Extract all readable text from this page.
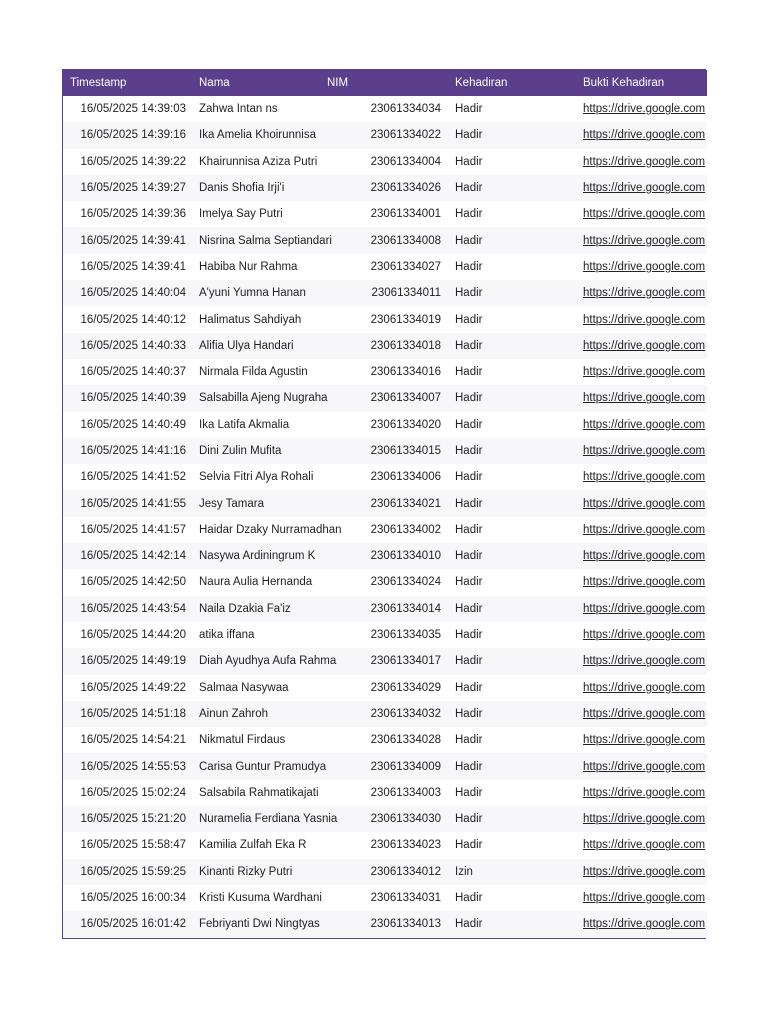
Timestamp	Nama	NIM	Kehadiran	Bukti Kehadiran
16/05/2025 14:39:03	Zahwa Intan ns	23061334034	Hadir	https://drive.google.com
16/05/2025 14:39:16	Ika Amelia Khoirunnisa	23061334022	Hadir	https://drive.google.com
16/05/2025 14:39:22	Khairunnisa Aziza Putri	23061334004	Hadir	https://drive.google.com
16/05/2025 14:39:27	Danis Shofia Irji'i	23061334026	Hadir	https://drive.google.com
16/05/2025 14:39:36	Imelya Say Putri	23061334001	Hadir	https://drive.google.com
16/05/2025 14:39:41	Nisrina Salma Septiandari	23061334008	Hadir	https://drive.google.com
16/05/2025 14:39:41	Habiba Nur Rahma	23061334027	Hadir	https://drive.google.com
16/05/2025 14:40:04	A'yuni Yumna Hanan	23061334011	Hadir	https://drive.google.com
16/05/2025 14:40:12	Halimatus Sahdiyah	23061334019	Hadir	https://drive.google.com
16/05/2025 14:40:33	Alifia Ulya Handari	23061334018	Hadir	https://drive.google.com
16/05/2025 14:40:37	Nirmala Filda Agustin	23061334016	Hadir	https://drive.google.com
16/05/2025 14:40:39	Salsabilla Ajeng Nugraha	23061334007	Hadir	https://drive.google.com
16/05/2025 14:40:49	Ika Latifa Akmalia	23061334020	Hadir	https://drive.google.com
16/05/2025 14:41:16	Dini Zulin Mufita	23061334015	Hadir	https://drive.google.com
16/05/2025 14:41:52	Selvia Fitri Alya Rohali	23061334006	Hadir	https://drive.google.com
16/05/2025 14:41:55	Jesy Tamara	23061334021	Hadir	https://drive.google.com
16/05/2025 14:41:57	Haidar Dzaky Nurramadhan	23061334002	Hadir	https://drive.google.com
16/05/2025 14:42:14	Nasywa Ardiningrum K	23061334010	Hadir	https://drive.google.com
16/05/2025 14:42:50	Naura Aulia Hernanda	23061334024	Hadir	https://drive.google.com
16/05/2025 14:43:54	Naila Dzakia Fa'iz	23061334014	Hadir	https://drive.google.com
16/05/2025 14:44:20	atika iffana	23061334035	Hadir	https://drive.google.com
16/05/2025 14:49:19	Diah Ayudhya Aufa Rahma	23061334017	Hadir	https://drive.google.com
16/05/2025 14:49:22	Salmaa Nasywaa	23061334029	Hadir	https://drive.google.com
16/05/2025 14:51:18	Ainun Zahroh	23061334032	Hadir	https://drive.google.com
16/05/2025 14:54:21	Nikmatul Firdaus	23061334028	Hadir	https://drive.google.com
16/05/2025 14:55:53	Carisa Guntur Pramudya	23061334009	Hadir	https://drive.google.com
16/05/2025 15:02:24	Salsabila Rahmatikajati	23061334003	Hadir	https://drive.google.com
16/05/2025 15:21:20	Nuramelia Ferdiana Yasnia	23061334030	Hadir	https://drive.google.com
16/05/2025 15:58:47	Kamilia Zulfah Eka R	23061334023	Hadir	https://drive.google.com
16/05/2025 15:59:25	Kinanti Rizky Putri	23061334012	Izin	https://drive.google.com
16/05/2025 16:00:34	Kristi Kusuma Wardhani	23061334031	Hadir	https://drive.google.com
16/05/2025 16:01:42	Febriyanti Dwi Ningtyas	23061334013	Hadir	https://drive.google.com
